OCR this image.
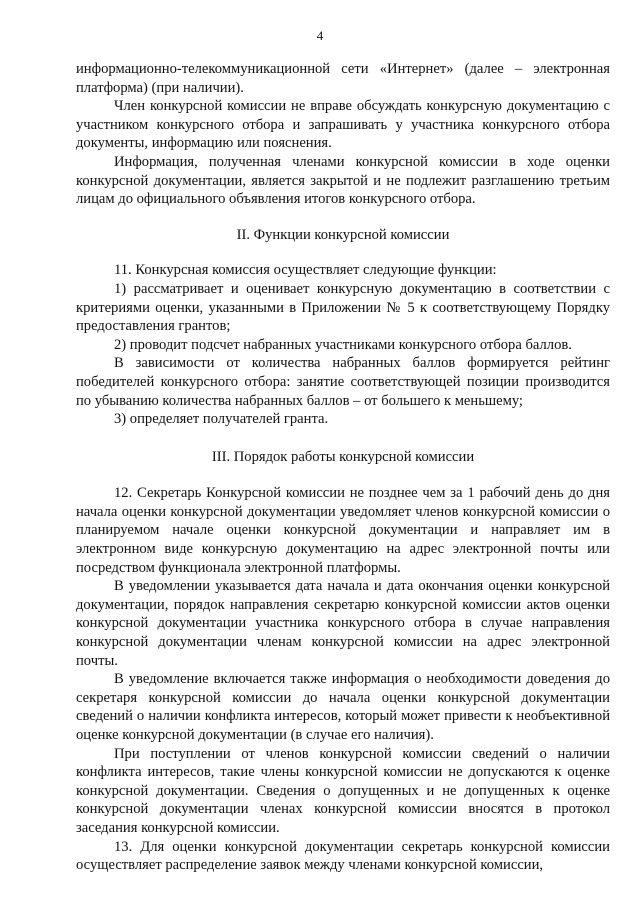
4

информационно-телекоммуникационной сети «Интернет» (далее – электронная платформа) (при наличии).

Член конкурсной комиссии не вправе обсуждать конкурсную документацию с участником конкурсного отбора и запрашивать у участника конкурсного отбора документы, информацию или пояснения.

Информация, полученная членами конкурсной комиссии в ходе оценки конкурсной документации, является закрытой и не подлежит разглашению третьим лицам до официального объявления итогов конкурсного отбора.

II. Функции конкурсной комиссии

11. Конкурсная комиссия осуществляет следующие функции:

1) рассматривает и оценивает конкурсную документацию в соответствии с критериями оценки, указанными в Приложении № 5 к соответствующему Порядку предоставления грантов;

2) проводит подсчет набранных участниками конкурсного отбора баллов.

В зависимости от количества набранных баллов формируется рейтинг победителей конкурсного отбора: занятие соответствующей позиции производится по убыванию количества набранных баллов – от большего к меньшему;

3) определяет получателей гранта.

III. Порядок работы конкурсной комиссии

12. Секретарь Конкурсной комиссии не позднее чем за 1 рабочий день до дня начала оценки конкурсной документации уведомляет членов конкурсной комиссии о планируемом начале оценки конкурсной документации и направляет им в электронном виде конкурсную документацию на адрес электронной почты или посредством функционала электронной платформы.

В уведомлении указывается дата начала и дата окончания оценки конкурсной документации, порядок направления секретарю конкурсной комиссии актов оценки конкурсной документации участника конкурсного отбора в случае направления конкурсной документации членам конкурсной комиссии на адрес электронной почты.

В уведомление включается также информация о необходимости доведения до секретаря конкурсной комиссии до начала оценки конкурсной документации сведений о наличии конфликта интересов, который может привести к необъективной оценке конкурсной документации (в случае его наличия).

При поступлении от членов конкурсной комиссии сведений о наличии конфликта интересов, такие члены конкурсной комиссии не допускаются к оценке конкурсной документации. Сведения о допущенных и не допущенных к оценке конкурсной документации членах конкурсной комиссии вносятся в протокол заседания конкурсной комиссии.

13. Для оценки конкурсной документации секретарь конкурсной комиссии осуществляет распределение заявок между членами конкурсной комиссии,
